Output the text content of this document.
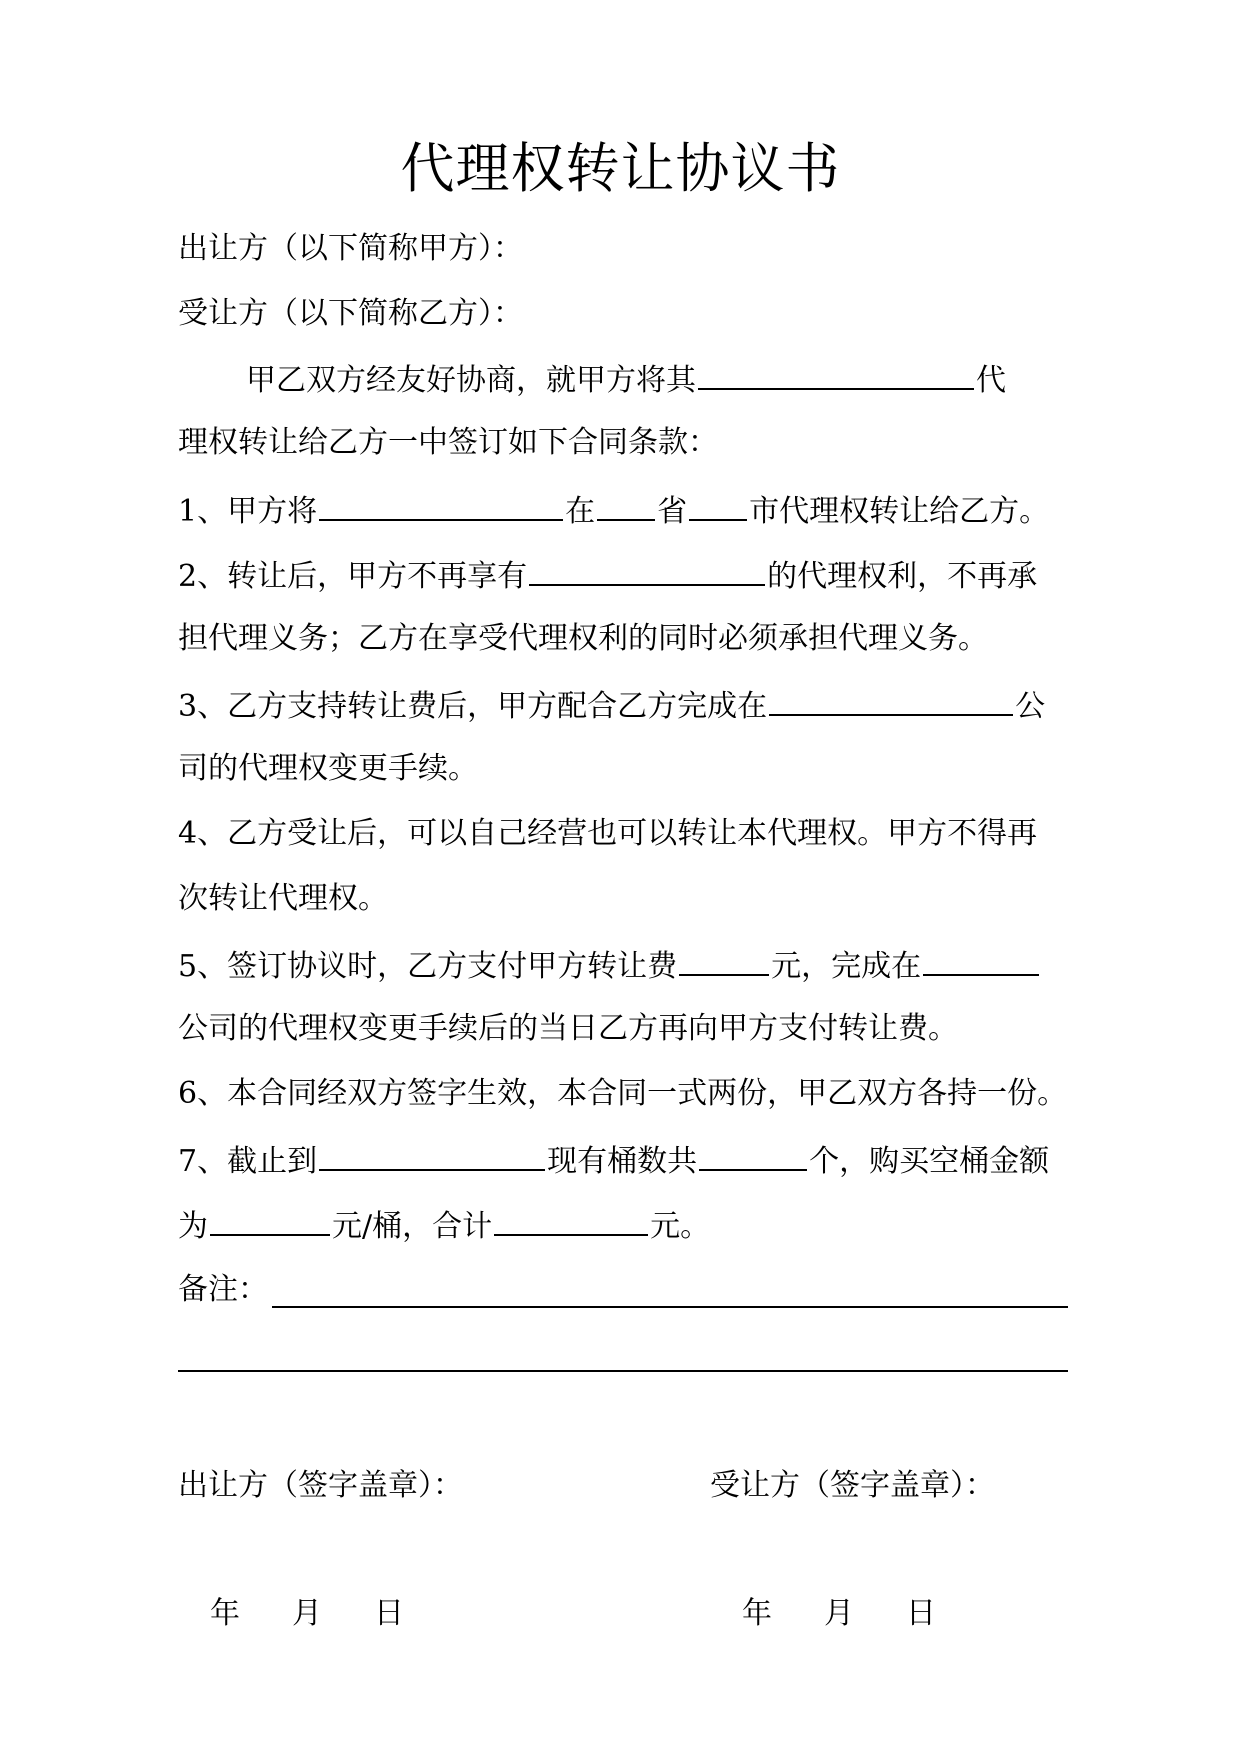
代理权转让协议书
出让方（以下简称甲方）：
受让方（以下简称乙方）：
甲乙双方经友好协商，就甲方将其	代
理权转让给乙方一中签订如下合同条款：
1、甲方将	在 省 市代理权转让给乙方。
2、转让后，甲方不再享有	的代理权利，不再承
担代理义务；乙方在享受代理权利的同时必须承担代理义务。
3、乙方支持转让费后，甲方配合乙方完成在	公
司的代理权变更手续。
4、乙方受让后，可以自己经营也可以转让本代理权。甲方不得再
次转让代理权。
5、签订协议时，乙方支付甲方转让费	元，完成在
公司的代理权变更手续后的当日乙方再向甲方支付转让费。
6、本合同经双方签字生效，本合同一式两份，甲乙双方各持一份。
7、截止到	现有桶数共	个，购买空桶金额
为	元/桶，合计	元。
备注：
出让方（签字盖章）：	受让方（签字盖章）：
年 月 日	年 月 日
